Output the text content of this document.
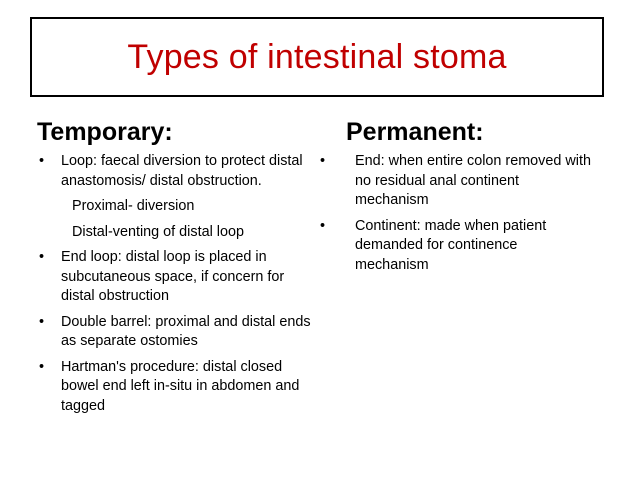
Types of intestinal stoma
Temporary:	Permanent:
• Loop: faecal diversion to protect distal
anastomosis/ distal obstruction.
Proximal- diversion
Distal-venting of distal loop
• End loop: distal loop is placed in
subcutaneous space, if concern for
distal obstruction
• Double barrel: proximal and distal ends
as separate ostomies
• Hartman's procedure: distal closed
bowel end left in-situ in abdomen and
tagged
• End: when entire colon removed with
no residual anal continent
mechanism
• Continent: made when patient
demanded for continence
mechanism
